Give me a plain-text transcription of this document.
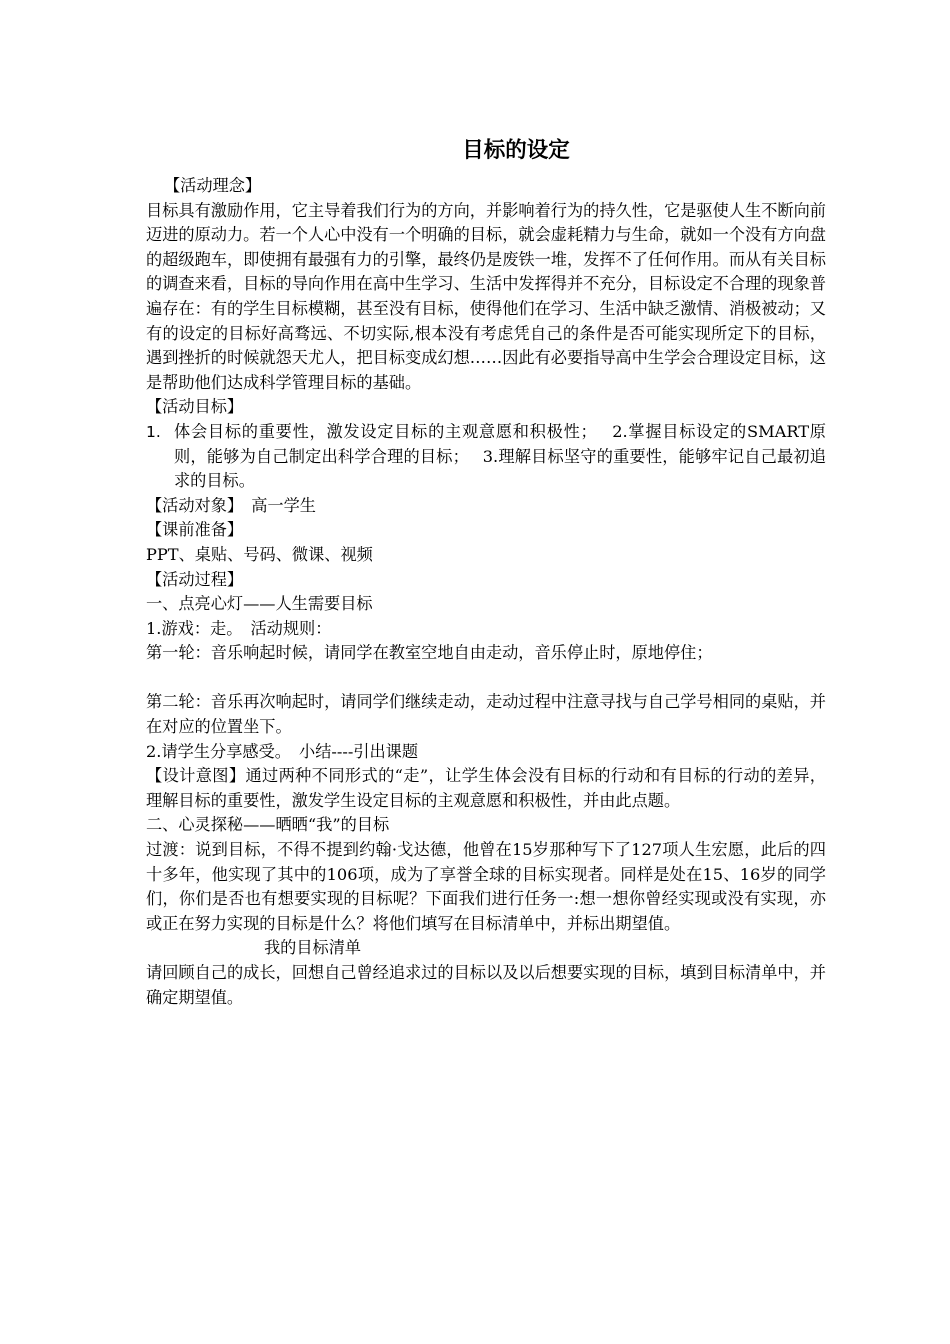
目标的设定

【活动理念】

目标具有激励作用，它主导着我们行为的方向，并影响着行为的持久性，它是驱使人生不断向前迈进的原动力。若一个人心中没有一个明确的目标，就会虚耗精力与生命，就如一个没有方向盘的超级跑车，即使拥有最强有力的引擎，最终仍是废铁一堆，发挥不了任何作用。而从有关目标的调查来看，目标的导向作用在高中生学习、生活中发挥得并不充分，目标设定不合理的现象普遍存在：有的学生目标模糊，甚至没有目标，使得他们在学习、生活中缺乏激情、消极被动；又有的设定的目标好高骛远、不切实际,根本没有考虑凭自己的条件是否可能实现所定下的目标，遇到挫折的时候就怨天尤人，把目标变成幻想……因此有必要指导高中生学会合理设定目标，这是帮助他们达成科学管理目标的基础。

【活动目标】

1. 体会目标的重要性，激发设定目标的主观意愿和积极性；　 2.掌握目标设定的SMART原则，能够为自己制定出科学合理的目标；　 3.理解目标坚守的重要性，能够牢记自己最初追求的目标。

【活动对象】　高一学生

【课前准备】

PPT、桌贴、号码、微课、视频

【活动过程】

一、点亮心灯——人生需要目标

1.游戏：走。　活动规则：

第一轮：音乐响起时候，请同学在教室空地自由走动，音乐停止时，原地停住；

第二轮：音乐再次响起时，请同学们继续走动，走动过程中注意寻找与自己学号相同的桌贴，并在对应的位置坐下。

2.请学生分享感受。　小结----引出课题

【设计意图】通过两种不同形式的“走”，让学生体会没有目标的行动和有目标的行动的差异，理解目标的重要性，激发学生设定目标的主观意愿和积极性，并由此点题。

二、心灵探秘——晒晒“我”的目标

过渡：说到目标，不得不提到约翰·戈达德，他曾在15岁那种写下了127项人生宏愿，此后的四十多年，他实现了其中的106项，成为了享誉全球的目标实现者。同样是处在15、16岁的同学们，你们是否也有想要实现的目标呢？下面我们进行任务一:想一想你曾经实现或没有实现，亦或正在努力实现的目标是什么？将他们填写在目标清单中，并标出期望值。

我的目标清单

请回顾自己的成长，回想自己曾经追求过的目标以及以后想要实现的目标，填到目标清单中，并确定期望值。
